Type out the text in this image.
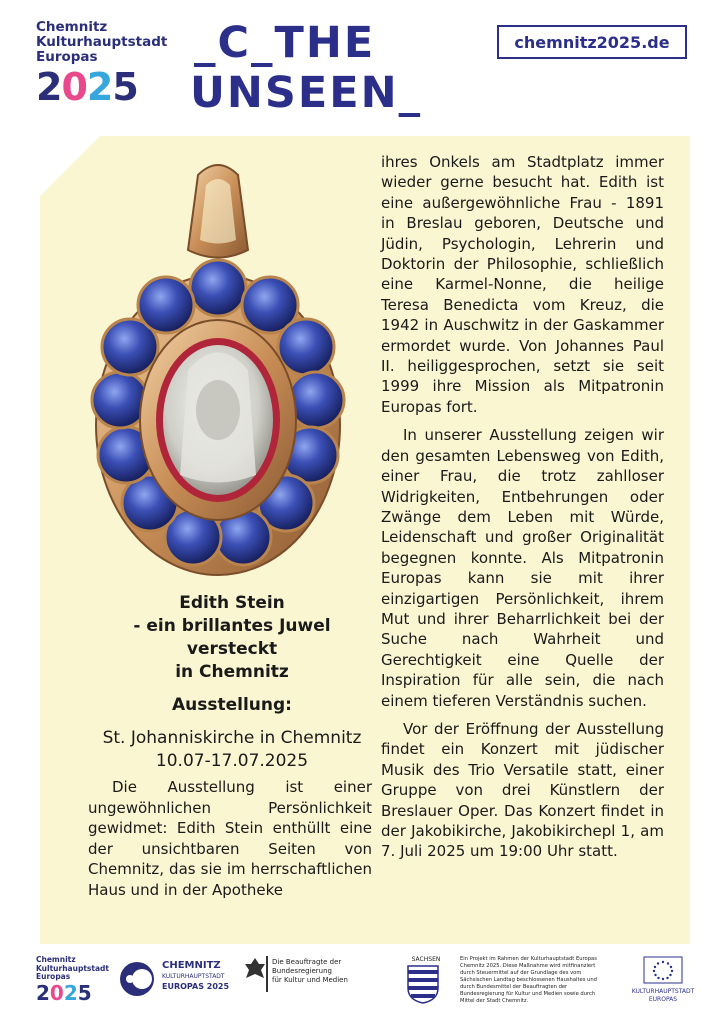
Chemnitz
Kulturhauptstadt
Europas
2025
_C_THE
UNSEEN_
chemnitz2025.de
Edith Stein
- ein brillantes Juwel versteckt
in Chemnitz
Ausstellung:
St. Johanniskirche in Chemnitz
10.07-17.07.2025
Die Ausstellung ist einer ungewöhnlichen Persönlichkeit gewidmet: Edith Stein enthüllt eine der unsichtbaren Seiten von Chemnitz, das sie im herrschaftlichen Haus und in der Apotheke

ihres Onkels am Stadtplatz immer wieder gerne besucht hat. Edith ist eine außergewöhnliche Frau - 1891 in Breslau geboren, Deutsche und Jüdin, Psychologin, Lehrerin und Doktorin der Philosophie, schließlich eine Karmel-Nonne, die heilige Teresa Benedicta vom Kreuz, die 1942 in Auschwitz in der Gaskammer ermordet wurde. Von Johannes Paul II. heiliggesprochen, setzt sie seit 1999 ihre Mission als Mitpatronin Europas fort.

In unserer Ausstellung zeigen wir den gesamten Lebensweg von Edith, einer Frau, die trotz zahlloser Widrigkeiten, Entbehrungen oder Zwänge dem Leben mit Würde, Leidenschaft und großer Originalität begegnen konnte. Als Mitpatronin Europas kann sie mit ihrer einzigartigen Persönlichkeit, ihrem Mut und ihrer Beharrlichkeit bei der Suche nach Wahrheit und Gerechtigkeit eine Quelle der Inspiration für alle sein, die nach einem tieferen Verständnis suchen.

Vor der Eröffnung der Ausstellung findet ein Konzert mit jüdischer Musik des Trio Versatile statt, einer Gruppe von drei Künstlern der Breslauer Oper. Das Konzert findet in der Jakobikirche, Jakobikirchepl 1, am 7. Juli 2025 um 19:00 Uhr statt.

Chemnitz
Kulturhauptstadt
Europas
2025
CHEMNITZ
KULTURHAUPTSTADT
EUROPAS 2025
Die Beauftragte der Bundesregierung
für Kultur und Medien
SACHSEN	Ein Projekt im Rahmen der Kulturhauptstadt Europas Chemnitz 2025. Diese Maßnahme wird mitfinanziert durch Steuermittel auf der Grundlage des vom Sächsischen Landtag beschlossenen Haushaltes und durch Bundesmittel der Beauftragten der Bundesregierung für Kultur und Medien sowie durch Mittel der Stadt Chemnitz.
KULTURHAUPTSTADT
EUROPAS
